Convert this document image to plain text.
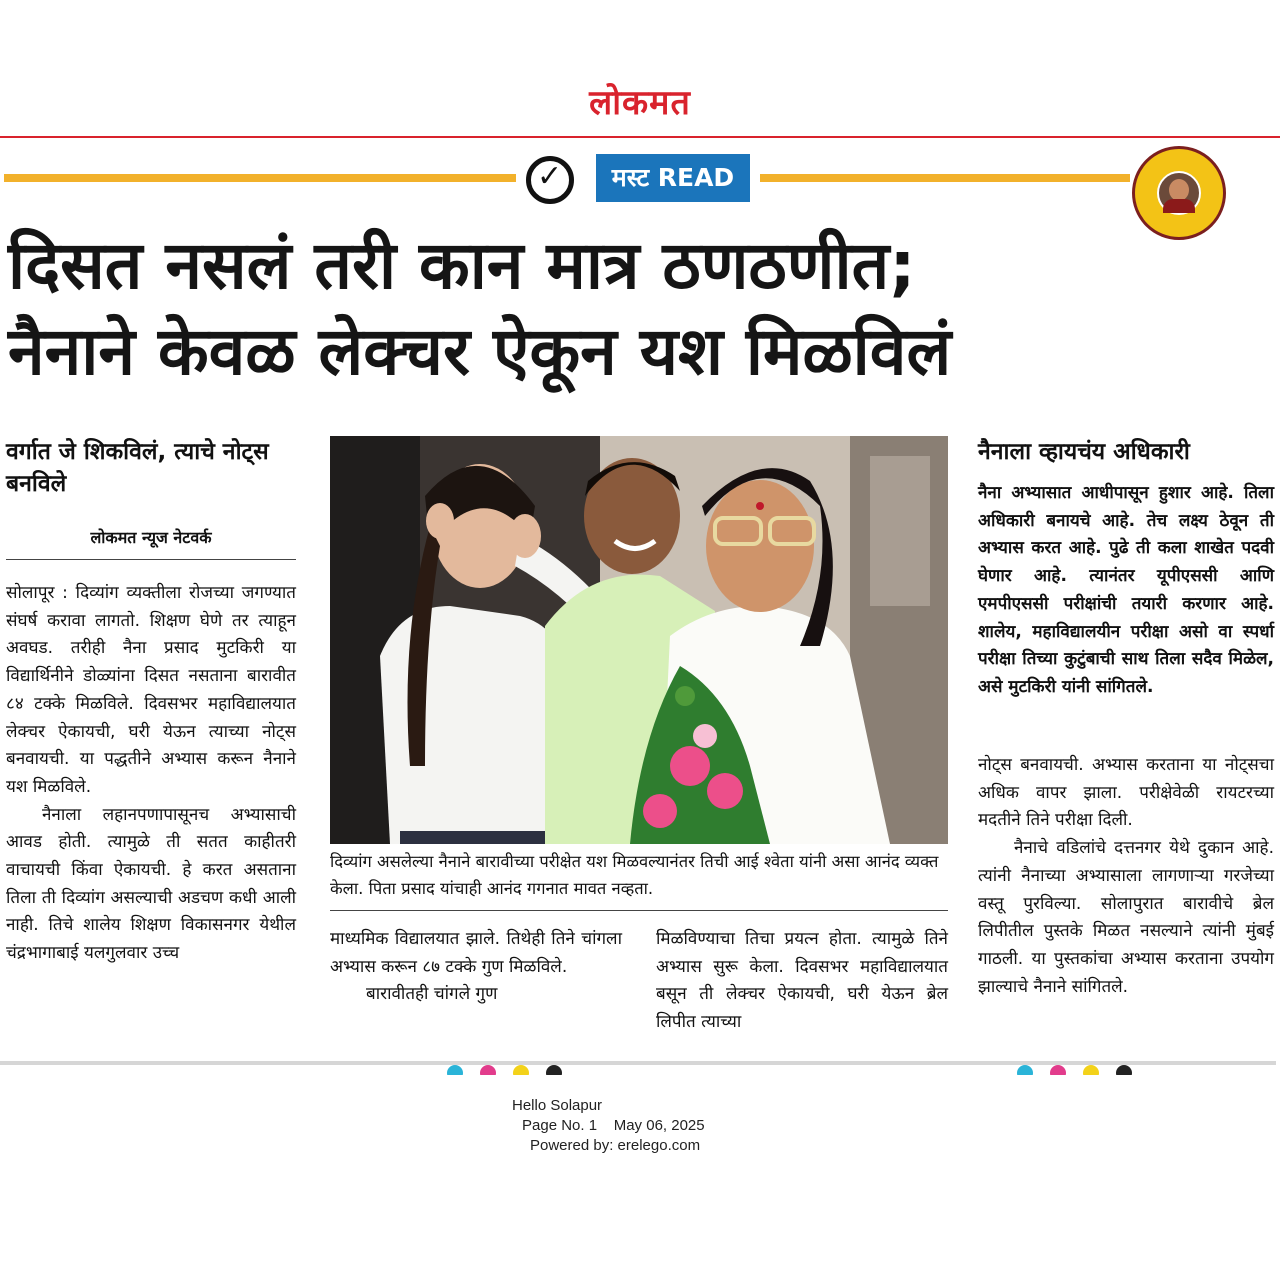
लोकमत
✓	मस्ट READ
दिसत नसलं तरी कान मात्र ठणठणीत;
नैनाने केवळ लेक्चर ऐकून यश मिळविलं
वर्गात जे शिकविलं, त्याचे नोट्स बनविले
लोकमत न्यूज नेटवर्क

सोलापूर : दिव्यांग व्यक्तीला रोजच्या जगण्यात संघर्ष करावा लागतो. शिक्षण घेणे तर त्याहून अवघड. तरीही नैना प्रसाद मुटकिरी या विद्यार्थिनीने डोळ्यांना दिसत नसताना बारावीत ८४ टक्के मिळविले. दिवसभर महाविद्यालयात लेक्चर ऐकायची, घरी येऊन त्याच्या नोट्स बनवायची. या पद्धतीने अभ्यास करून नैनाने यश मिळविले.

नैनाला लहानपणापासूनच अभ्यासाची आवड होती. त्यामुळे ती सतत काहीतरी वाचायची किंवा ऐकायची. हे करत असताना तिला ती दिव्यांग असल्याची अडचण कधी आली नाही. तिचे शालेय शिक्षण विकासनगर येथील चंद्रभागाबाई यलगुलवार उच्च

दिव्यांग असलेल्या नैनाने बारावीच्या परीक्षेत यश मिळवल्यानंतर तिची आई श्वेता यांनी असा आनंद व्यक्त केला. पिता प्रसाद यांचाही आनंद गगनात मावत नव्हता.

माध्यमिक विद्यालयात झाले. तिथेही तिने चांगला अभ्यास करून ८७ टक्के गुण मिळविले.

बारावीतही चांगले गुण

मिळविण्याचा तिचा प्रयत्न होता. त्यामुळे तिने अभ्यास सुरू केला. दिवसभर महाविद्यालयात बसून ती लेक्चर ऐकायची, घरी येऊन ब्रेल लिपीत त्याच्या

नैनाला व्हायचंय अधिकारी

नैना अभ्यासात आधीपासून हुशार आहे. तिला अधिकारी बनायचे आहे. तेच लक्ष्य ठेवून ती अभ्यास करत आहे. पुढे ती कला शाखेत पदवी घेणार आहे. त्यानंतर यूपीएससी आणि एमपीएससी परीक्षांची तयारी करणार आहे. शालेय, महाविद्यालयीन परीक्षा असो वा स्पर्धा परीक्षा तिच्या कुटुंबाची साथ तिला सदैव मिळेल, असे मुटकिरी यांनी सांगितले.

नोट्स बनवायची. अभ्यास करताना या नोट्सचा अधिक वापर झाला. परीक्षेवेळी रायटरच्या मदतीने तिने परीक्षा दिली.

नैनाचे वडिलांचे दत्तनगर येथे दुकान आहे. त्यांनी नैनाच्या अभ्यासाला लागणाऱ्या गरजेच्या वस्तू पुरविल्या. सोलापुरात बारावीचे ब्रेल लिपीतील पुस्तके मिळत नसल्याने त्यांनी मुंबई गाठली. या पुस्तकांचा अभ्यास करताना उपयोग झाल्याचे नैनाने सांगितले.

Hello Solapur
Page No. 1    May 06, 2025
Powered by: erelego.com
